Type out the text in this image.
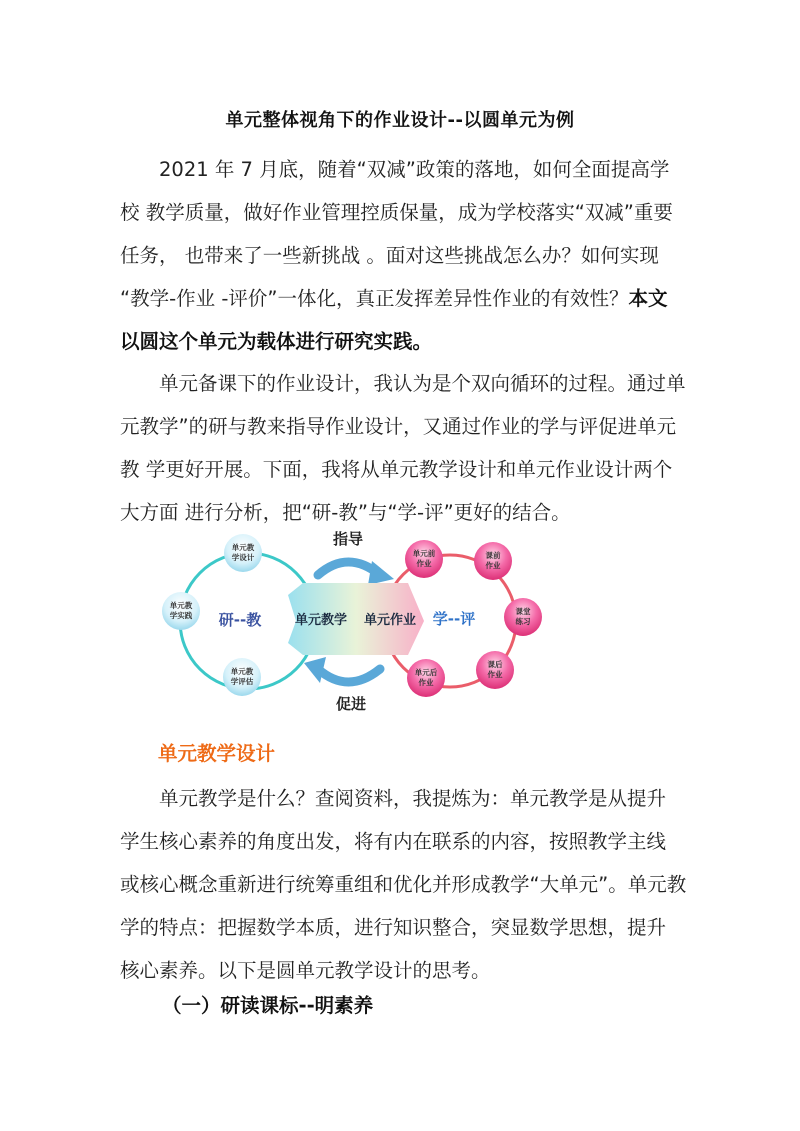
单元整体视角下的作业设计--以圆单元为例

2021 年 7 月底，随着“双减”政策的落地，如何全面提高学

校 教学质量，做好作业管理控质保量，成为学校落实“双减”重要

任务， 也带来了一些新挑战 。面对这些挑战怎么办？如何实现

“教学-作业 -评价”一体化，真正发挥差异性作业的有效性？本文

以圆这个单元为载体进行研究实践。

单元备课下的作业设计，我认为是个双向循环的过程。通过单

元教学”的研与教来指导作业设计，又通过作业的学与评促进单元

教 学更好开展。下面，我将从单元教学设计和单元作业设计两个

大方面 进行分析，把“研-教”与“学-评”更好的结合。

指导
促进
单元教学 单元作业
研--教	学--评
单元教
学设计
单元教
学实践
单元教
学评估
单元前
作业
课前
作业
课堂
练习
课后
作业
单元后
作业
单元教学设计

单元教学是什么？查阅资料，我提炼为：单元教学是从提升

学生核心素养的角度出发，将有内在联系的内容，按照教学主线

或核心概念重新进行统筹重组和优化并形成教学“大单元”。单元教

学的特点：把握数学本质，进行知识整合，突显数学思想，提升

核心素养。以下是圆单元教学设计的思考。

（一）研读课标--明素养
